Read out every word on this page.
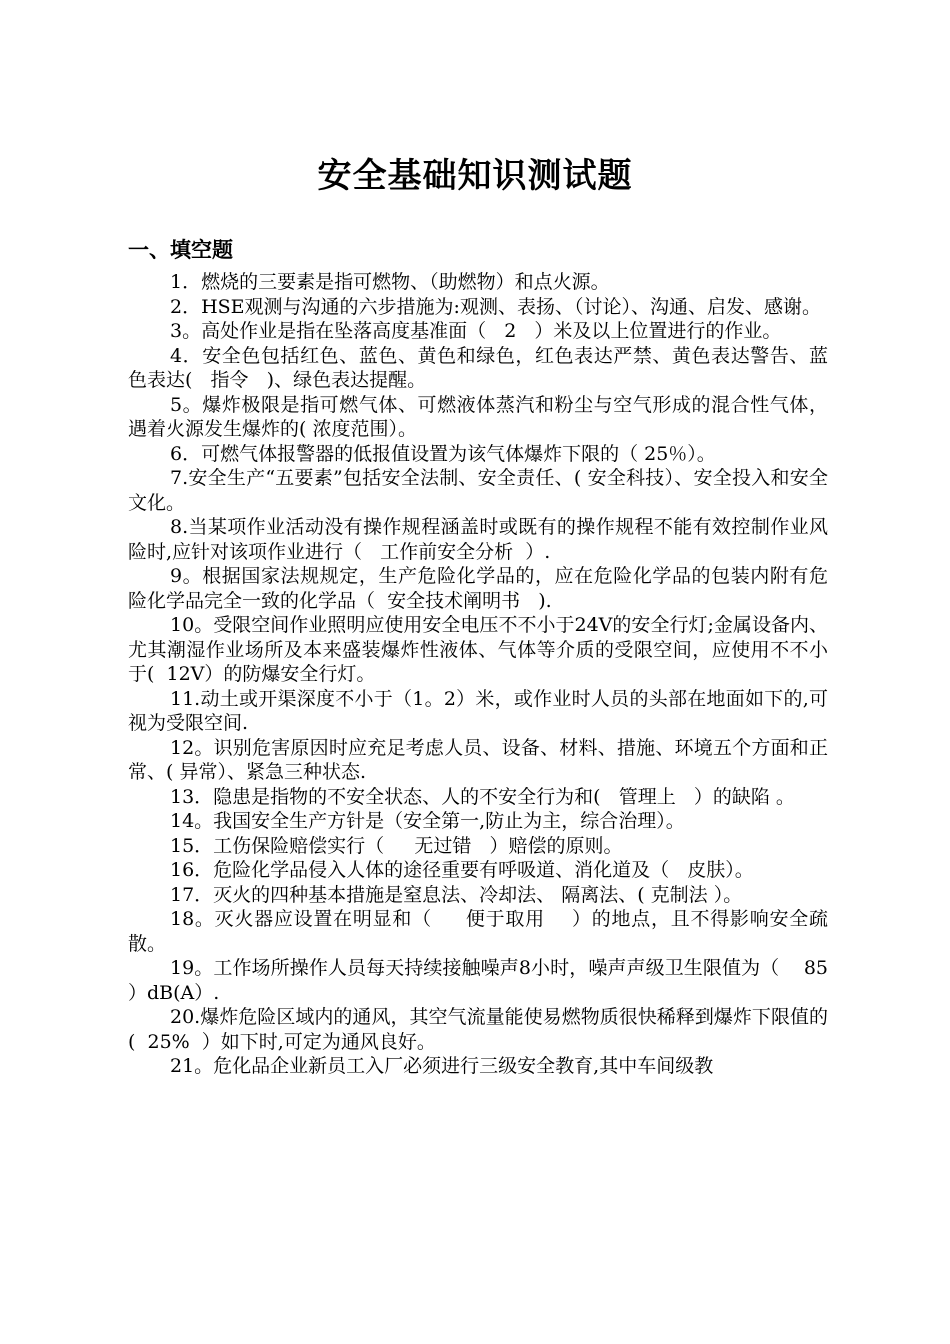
安全基础知识测试题
一、填空题

1．燃烧的三要素是指可燃物、（助燃物）和点火源。

2．HSE观测与沟通的六步措施为:观测、表扬、（讨论）、沟通、启发、感谢。

3。高处作业是指在坠落高度基准面（   2   ）米及以上位置进行的作业。

4．安全色包括红色、蓝色、黄色和绿色，红色表达严禁、黄色表达警告、蓝色表达(   指令   )、绿色表达提醒。

5。爆炸极限是指可燃气体、可燃液体蒸汽和粉尘与空气形成的混合性气体，遇着火源发生爆炸的( 浓度范围）。

6．可燃气体报警器的低报值设置为该气体爆炸下限的（ 25％）。

7.安全生产“五要素”包括安全法制、安全责任、( 安全科技）、安全投入和安全文化。

8.当某项作业活动没有操作规程涵盖时或既有的操作规程不能有效控制作业风险时,应针对该项作业进行（   工作前安全分析  ）.

9。根据国家法规规定，生产危险化学品的，应在危险化学品的包装内附有危险化学品完全一致的化学品（  安全技术阐明书   ).

10。受限空间作业照明应使用安全电压不不小于24V的安全行灯;金属设备内、尤其潮湿作业场所及本来盛装爆炸性液体、气体等介质的受限空间，应使用不不小于(  12V）的防爆安全行灯。

11.动土或开渠深度不小于（1。2）米，或作业时人员的头部在地面如下的,可视为受限空间.

12。识别危害原因时应充足考虑人员、设备、材料、措施、环境五个方面和正常、( 异常）、紧急三种状态.

13．隐患是指物的不安全状态、人的不安全行为和(   管理上   ）的缺陷 。

14。我国安全生产方针是（安全第一,防止为主，综合治理）。

15．工伤保险赔偿实行（     无过错   ）赔偿的原则。

16．危险化学品侵入人体的途径重要有呼吸道、消化道及（   皮肤）。

17．灭火的四种基本措施是窒息法、冷却法、 隔离法、( 克制法 ）。

18。灭火器应设置在明显和（     便于取用    ）的地点，且不得影响安全疏散。

19。工作场所操作人员每天持续接触噪声8小时，噪声声级卫生限值为（    85    ）dB(A）.

20.爆炸危险区域内的通风，其空气流量能使易燃物质很快稀释到爆炸下限值的(  25%  ）如下时,可定为通风良好。

21。危化品企业新员工入厂必须进行三级安全教育,其中车间级教
